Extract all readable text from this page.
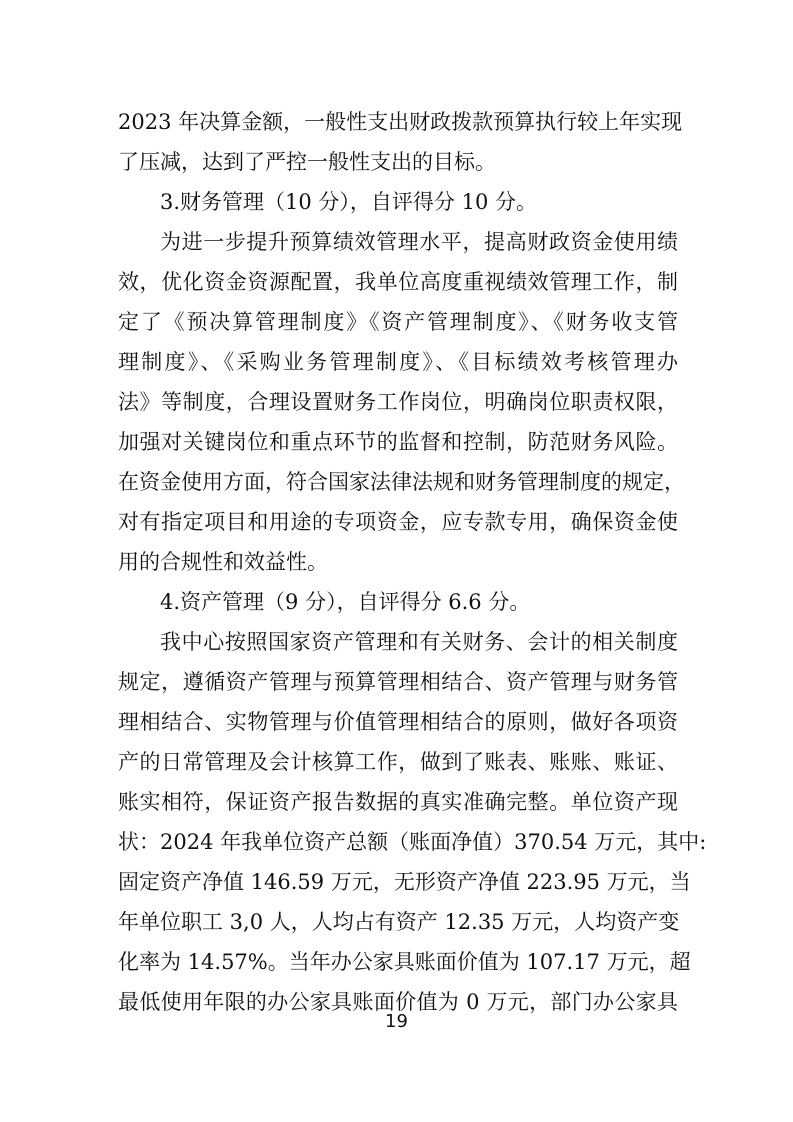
2023 年决算金额，一般性支出财政拨款预算执行较上年实现
了压减，达到了严控一般性支出的目标。
3.财务管理（10 分），自评得分 10 分。
为进一步提升预算绩效管理水平，提高财政资金使用绩
效，优化资金资源配置，我单位高度重视绩效管理工作，制
定了《预决算管理制度》《资产管理制度》、《财务收支管
理制度》、《采购业务管理制度》、《目标绩效考核管理办
法》等制度，合理设置财务工作岗位，明确岗位职责权限，
加强对关键岗位和重点环节的监督和控制，防范财务风险。
在资金使用方面，符合国家法律法规和财务管理制度的规定，
对有指定项目和用途的专项资金，应专款专用，确保资金使
用的合规性和效益性。
4.资产管理（9 分），自评得分 6.6 分。
我中心按照国家资产管理和有关财务、会计的相关制度
规定，遵循资产管理与预算管理相结合、资产管理与财务管
理相结合、实物管理与价值管理相结合的原则，做好各项资
产的日常管理及会计核算工作，做到了账表、账账、账证、
账实相符，保证资产报告数据的真实准确完整。单位资产现
状：2024 年我单位资产总额（账面净值）370.54 万元，其中:
固定资产净值 146.59 万元，无形资产净值 223.95 万元，当
年单位职工 3,0 人，人均占有资产 12.35 万元，人均资产变
化率为 14.57%。当年办公家具账面价值为 107.17 万元，超
最低使用年限的办公家具账面价值为 0 万元，部门办公家具
19
